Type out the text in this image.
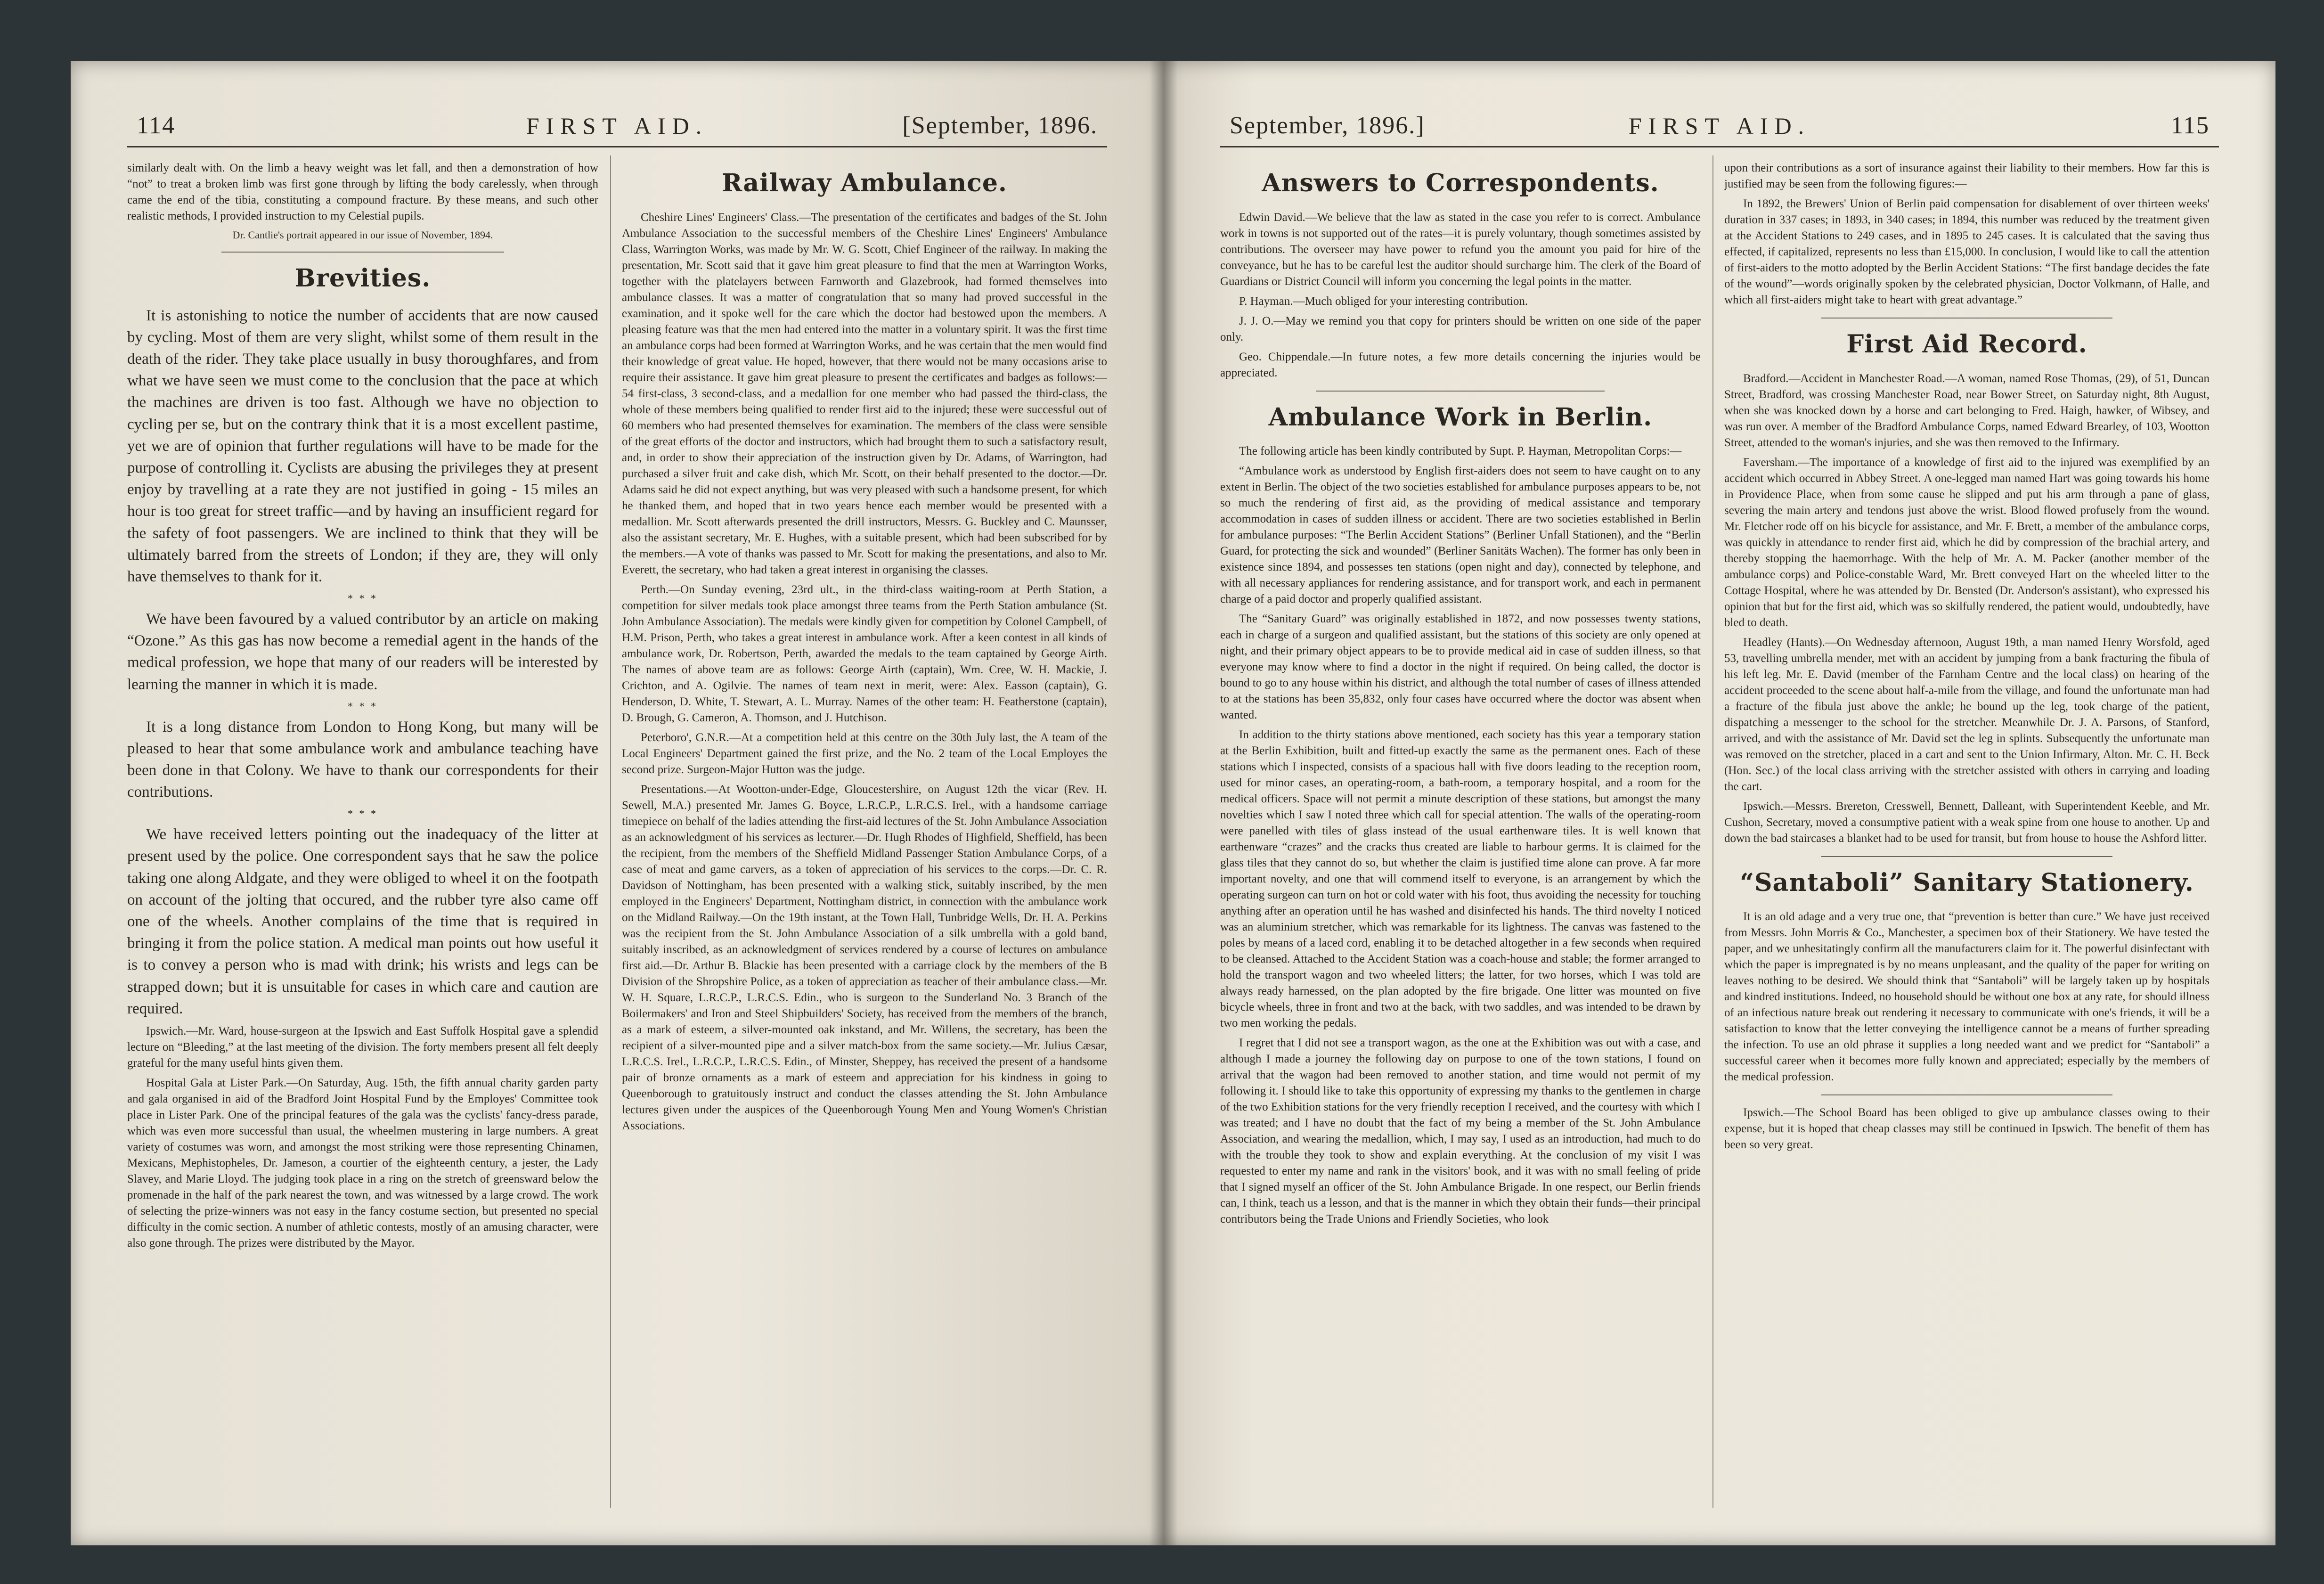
114	FIRST AID.	[September, 1896.

similarly dealt with. On the limb a heavy weight was let fall, and then a demonstration of how “not” to treat a broken limb was first gone through by lifting the body carelessly, when through came the end of the tibia, constituting a compound fracture. By these means, and such other realistic methods, I provided instruction to my Celestial pupils.

Dr. Cantlie's portrait appeared in our issue of November, 1894.
Brevities.

It is astonishing to notice the number of accidents that are now caused by cycling. Most of them are very slight, whilst some of them result in the death of the rider. They take place usually in busy thoroughfares, and from what we have seen we must come to the conclusion that the pace at which the machines are driven is too fast. Although we have no objection to cycling per se, but on the contrary think that it is a most excellent pastime, yet we are of opinion that further regulations will have to be made for the purpose of controlling it. Cyclists are abusing the privileges they at present enjoy by travelling at a rate they are not justified in going - 15 miles an hour is too great for street traffic—and by having an insufficient regard for the safety of foot passengers. We are inclined to think that they will be ultimately barred from the streets of London; if they are, they will only have themselves to thank for it.

* * *

We have been favoured by a valued contributor by an article on making “Ozone.” As this gas has now become a remedial agent in the hands of the medical profession, we hope that many of our readers will be interested by learning the manner in which it is made.

* * *

It is a long distance from London to Hong Kong, but many will be pleased to hear that some ambulance work and ambulance teaching have been done in that Colony. We have to thank our correspondents for their contributions.

* * *

We have received letters pointing out the inadequacy of the litter at present used by the police. One correspondent says that he saw the police taking one along Aldgate, and they were obliged to wheel it on the footpath on account of the jolting that occured, and the rubber tyre also came off one of the wheels. Another complains of the time that is required in bringing it from the police station. A medical man points out how useful it is to convey a person who is mad with drink; his wrists and legs can be strapped down; but it is unsuitable for cases in which care and caution are required.

Ipswich.—Mr. Ward, house-surgeon at the Ipswich and East Suffolk Hospital gave a splendid lecture on “Bleeding,” at the last meeting of the division. The forty members present all felt deeply grateful for the many useful hints given them.

Hospital Gala at Lister Park.—On Saturday, Aug. 15th, the fifth annual charity garden party and gala organised in aid of the Bradford Joint Hospital Fund by the Employes' Committee took place in Lister Park. One of the principal features of the gala was the cyclists' fancy-dress parade, which was even more successful than usual, the wheelmen mustering in large numbers. A great variety of costumes was worn, and amongst the most striking were those representing Chinamen, Mexicans, Mephistopheles, Dr. Jameson, a courtier of the eighteenth century, a jester, the Lady Slavey, and Marie Lloyd. The judging took place in a ring on the stretch of greensward below the promenade in the half of the park nearest the town, and was witnessed by a large crowd. The work of selecting the prize-winners was not easy in the fancy costume section, but presented no special difficulty in the comic section. A number of athletic contests, mostly of an amusing character, were also gone through. The prizes were distributed by the Mayor.

Railway Ambulance.

Cheshire Lines' Engineers' Class.—The presentation of the certificates and badges of the St. John Ambulance Association to the successful members of the Cheshire Lines' Engineers' Ambulance Class, Warrington Works, was made by Mr. W. G. Scott, Chief Engineer of the railway. In making the presentation, Mr. Scott said that it gave him great pleasure to find that the men at Warrington Works, together with the platelayers between Farnworth and Glazebrook, had formed themselves into ambulance classes. It was a matter of congratulation that so many had proved successful in the examination, and it spoke well for the care which the doctor had bestowed upon the members. A pleasing feature was that the men had entered into the matter in a voluntary spirit. It was the first time an ambulance corps had been formed at Warrington Works, and he was certain that the men would find their knowledge of great value. He hoped, however, that there would not be many occasions arise to require their assistance. It gave him great pleasure to present the certificates and badges as follows:—54 first-class, 3 second-class, and a medallion for one member who had passed the third-class, the whole of these members being qualified to render first aid to the injured; these were successful out of 60 members who had presented themselves for examination. The members of the class were sensible of the great efforts of the doctor and instructors, which had brought them to such a satisfactory result, and, in order to show their appreciation of the instruction given by Dr. Adams, of Warrington, had purchased a silver fruit and cake dish, which Mr. Scott, on their behalf presented to the doctor.—Dr. Adams said he did not expect anything, but was very pleased with such a handsome present, for which he thanked them, and hoped that in two years hence each member would be presented with a medallion. Mr. Scott afterwards presented the drill instructors, Messrs. G. Buckley and C. Maunsser, also the assistant secretary, Mr. E. Hughes, with a suitable present, which had been subscribed for by the members.—A vote of thanks was passed to Mr. Scott for making the presentations, and also to Mr. Everett, the secretary, who had taken a great interest in organising the classes.

Perth.—On Sunday evening, 23rd ult., in the third-class waiting-room at Perth Station, a competition for silver medals took place amongst three teams from the Perth Station ambulance (St. John Ambulance Association). The medals were kindly given for competition by Colonel Campbell, of H.M. Prison, Perth, who takes a great interest in ambulance work. After a keen contest in all kinds of ambulance work, Dr. Robertson, Perth, awarded the medals to the team captained by George Airth. The names of above team are as follows: George Airth (captain), Wm. Cree, W. H. Mackie, J. Crichton, and A. Ogilvie. The names of team next in merit, were: Alex. Easson (captain), G. Henderson, D. White, T. Stewart, A. L. Murray. Names of the other team: H. Featherstone (captain), D. Brough, G. Cameron, A. Thomson, and J. Hutchison.

Peterboro', G.N.R.—At a competition held at this centre on the 30th July last, the A team of the Local Engineers' Department gained the first prize, and the No. 2 team of the Local Employes the second prize. Surgeon-Major Hutton was the judge.

Presentations.—At Wootton-under-Edge, Gloucestershire, on August 12th the vicar (Rev. H. Sewell, M.A.) presented Mr. James G. Boyce, L.R.C.P., L.R.C.S. Irel., with a handsome carriage timepiece on behalf of the ladies attending the first-aid lectures of the St. John Ambulance Association as an acknowledgment of his services as lecturer.—Dr. Hugh Rhodes of Highfield, Sheffield, has been the recipient, from the members of the Sheffield Midland Passenger Station Ambulance Corps, of a case of meat and game carvers, as a token of appreciation of his services to the corps.—Dr. C. R. Davidson of Nottingham, has been presented with a walking stick, suitably inscribed, by the men employed in the Engineers' Department, Nottingham district, in connection with the ambulance work on the Midland Railway.—On the 19th instant, at the Town Hall, Tunbridge Wells, Dr. H. A. Perkins was the recipient from the St. John Ambulance Association of a silk umbrella with a gold band, suitably inscribed, as an acknowledgment of services rendered by a course of lectures on ambulance first aid.—Dr. Arthur B. Blackie has been presented with a carriage clock by the members of the B Division of the Shropshire Police, as a token of appreciation as teacher of their ambulance class.—Mr. W. H. Square, L.R.C.P., L.R.C.S. Edin., who is surgeon to the Sunderland No. 3 Branch of the Boilermakers' and Iron and Steel Shipbuilders' Society, has received from the members of the branch, as a mark of esteem, a silver-mounted oak inkstand, and Mr. Willens, the secretary, has been the recipient of a silver-mounted pipe and a silver match-box from the same society.—Mr. Julius Cæsar, L.R.C.S. Irel., L.R.C.P., L.R.C.S. Edin., of Minster, Sheppey, has received the present of a handsome pair of bronze ornaments as a mark of esteem and appreciation for his kindness in going to Queenborough to gratuitously instruct and conduct the classes attending the St. John Ambulance lectures given under the auspices of the Queenborough Young Men and Young Women's Christian Associations.

September, 1896.]	FIRST AID.	115
Answers to Correspondents.

Edwin David.—We believe that the law as stated in the case you refer to is correct. Ambulance work in towns is not supported out of the rates—it is purely voluntary, though sometimes assisted by contributions. The overseer may have power to refund you the amount you paid for hire of the conveyance, but he has to be careful lest the auditor should surcharge him. The clerk of the Board of Guardians or District Council will inform you concerning the legal points in the matter.

P. Hayman.—Much obliged for your interesting contribution.

J. J. O.—May we remind you that copy for printers should be written on one side of the paper only.

Geo. Chippendale.—In future notes, a few more details concerning the injuries would be appreciated.

Ambulance Work in Berlin.

The following article has been kindly contributed by Supt. P. Hayman, Metropolitan Corps:—

“Ambulance work as understood by English first-aiders does not seem to have caught on to any extent in Berlin. The object of the two societies established for ambulance purposes appears to be, not so much the rendering of first aid, as the providing of medical assistance and temporary accommodation in cases of sudden illness or accident. There are two societies established in Berlin for ambulance purposes: “The Berlin Accident Stations” (Berliner Unfall Stationen), and the “Berlin Guard, for protecting the sick and wounded” (Berliner Sanitäts Wachen). The former has only been in existence since 1894, and possesses ten stations (open night and day), connected by telephone, and with all necessary appliances for rendering assistance, and for transport work, and each in permanent charge of a paid doctor and properly qualified assistant.

The “Sanitary Guard” was originally established in 1872, and now possesses twenty stations, each in charge of a surgeon and qualified assistant, but the stations of this society are only opened at night, and their primary object appears to be to provide medical aid in case of sudden illness, so that everyone may know where to find a doctor in the night if required. On being called, the doctor is bound to go to any house within his district, and although the total number of cases of illness attended to at the stations has been 35,832, only four cases have occurred where the doctor was absent when wanted.

In addition to the thirty stations above mentioned, each society has this year a temporary station at the Berlin Exhibition, built and fitted-up exactly the same as the permanent ones. Each of these stations which I inspected, consists of a spacious hall with five doors leading to the reception room, used for minor cases, an operating-room, a bath-room, a temporary hospital, and a room for the medical officers. Space will not permit a minute description of these stations, but amongst the many novelties which I saw I noted three which call for special attention. The walls of the operating-room were panelled with tiles of glass instead of the usual earthenware tiles. It is well known that earthenware “crazes” and the cracks thus created are liable to harbour germs. It is claimed for the glass tiles that they cannot do so, but whether the claim is justified time alone can prove. A far more important novelty, and one that will commend itself to everyone, is an arrangement by which the operating surgeon can turn on hot or cold water with his foot, thus avoiding the necessity for touching anything after an operation until he has washed and disinfected his hands. The third novelty I noticed was an aluminium stretcher, which was remarkable for its lightness. The canvas was fastened to the poles by means of a laced cord, enabling it to be detached altogether in a few seconds when required to be cleansed. Attached to the Accident Station was a coach-house and stable; the former arranged to hold the transport wagon and two wheeled litters; the latter, for two horses, which I was told are always ready harnessed, on the plan adopted by the fire brigade. One litter was mounted on five bicycle wheels, three in front and two at the back, with two saddles, and was intended to be drawn by two men working the pedals.

I regret that I did not see a transport wagon, as the one at the Exhibition was out with a case, and although I made a journey the following day on purpose to one of the town stations, I found on arrival that the wagon had been removed to another station, and time would not permit of my following it. I should like to take this opportunity of expressing my thanks to the gentlemen in charge of the two Exhibition stations for the very friendly reception I received, and the courtesy with which I was treated; and I have no doubt that the fact of my being a member of the St. John Ambulance Association, and wearing the medallion, which, I may say, I used as an introduction, had much to do with the trouble they took to show and explain everything. At the conclusion of my visit I was requested to enter my name and rank in the visitors' book, and it was with no small feeling of pride that I signed myself an officer of the St. John Ambulance Brigade. In one respect, our Berlin friends can, I think, teach us a lesson, and that is the manner in which they obtain their funds—their principal contributors being the Trade Unions and Friendly Societies, who look

upon their contributions as a sort of insurance against their liability to their members. How far this is justified may be seen from the following figures:—

In 1892, the Brewers' Union of Berlin paid compensation for disablement of over thirteen weeks' duration in 337 cases; in 1893, in 340 cases; in 1894, this number was reduced by the treatment given at the Accident Stations to 249 cases, and in 1895 to 245 cases. It is calculated that the saving thus effected, if capitalized, represents no less than £15,000. In conclusion, I would like to call the attention of first-aiders to the motto adopted by the Berlin Accident Stations: “The first bandage decides the fate of the wound”—words originally spoken by the celebrated physician, Doctor Volkmann, of Halle, and which all first-aiders might take to heart with great advantage.”

First Aid Record.

Bradford.—Accident in Manchester Road.—A woman, named Rose Thomas, (29), of 51, Duncan Street, Bradford, was crossing Manchester Road, near Bower Street, on Saturday night, 8th August, when she was knocked down by a horse and cart belonging to Fred. Haigh, hawker, of Wibsey, and was run over. A member of the Bradford Ambulance Corps, named Edward Brearley, of 103, Wootton Street, attended to the woman's injuries, and she was then removed to the Infirmary.

Faversham.—The importance of a knowledge of first aid to the injured was exemplified by an accident which occurred in Abbey Street. A one-legged man named Hart was going towards his home in Providence Place, when from some cause he slipped and put his arm through a pane of glass, severing the main artery and tendons just above the wrist. Blood flowed profusely from the wound. Mr. Fletcher rode off on his bicycle for assistance, and Mr. F. Brett, a member of the ambulance corps, was quickly in attendance to render first aid, which he did by compression of the brachial artery, and thereby stopping the haemorrhage. With the help of Mr. A. M. Packer (another member of the ambulance corps) and Police-constable Ward, Mr. Brett conveyed Hart on the wheeled litter to the Cottage Hospital, where he was attended by Dr. Bensted (Dr. Anderson's assistant), who expressed his opinion that but for the first aid, which was so skilfully rendered, the patient would, undoubtedly, have bled to death.

Headley (Hants).—On Wednesday afternoon, August 19th, a man named Henry Worsfold, aged 53, travelling umbrella mender, met with an accident by jumping from a bank fracturing the fibula of his left leg. Mr. E. David (member of the Farnham Centre and the local class) on hearing of the accident proceeded to the scene about half-a-mile from the village, and found the unfortunate man had a fracture of the fibula just above the ankle; he bound up the leg, took charge of the patient, dispatching a messenger to the school for the stretcher. Meanwhile Dr. J. A. Parsons, of Stanford, arrived, and with the assistance of Mr. David set the leg in splints. Subsequently the unfortunate man was removed on the stretcher, placed in a cart and sent to the Union Infirmary, Alton. Mr. C. H. Beck (Hon. Sec.) of the local class arriving with the stretcher assisted with others in carrying and loading the cart.

Ipswich.—Messrs. Brereton, Cresswell, Bennett, Dalleant, with Superintendent Keeble, and Mr. Cushon, Secretary, moved a consumptive patient with a weak spine from one house to another. Up and down the bad staircases a blanket had to be used for transit, but from house to house the Ashford litter.

“Santaboli” Sanitary Stationery.

It is an old adage and a very true one, that “prevention is better than cure.” We have just received from Messrs. John Morris & Co., Manchester, a specimen box of their Stationery. We have tested the paper, and we unhesitatingly confirm all the manufacturers claim for it. The powerful disinfectant with which the paper is impregnated is by no means unpleasant, and the quality of the paper for writing on leaves nothing to be desired. We should think that “Santaboli” will be largely taken up by hospitals and kindred institutions. Indeed, no household should be without one box at any rate, for should illness of an infectious nature break out rendering it necessary to communicate with one's friends, it will be a satisfaction to know that the letter conveying the intelligence cannot be a means of further spreading the infection. To use an old phrase it supplies a long needed want and we predict for “Santaboli” a successful career when it becomes more fully known and appreciated; especially by the members of the medical profession.

Ipswich.—The School Board has been obliged to give up ambulance classes owing to their expense, but it is hoped that cheap classes may still be continued in Ipswich. The benefit of them has been so very great.
